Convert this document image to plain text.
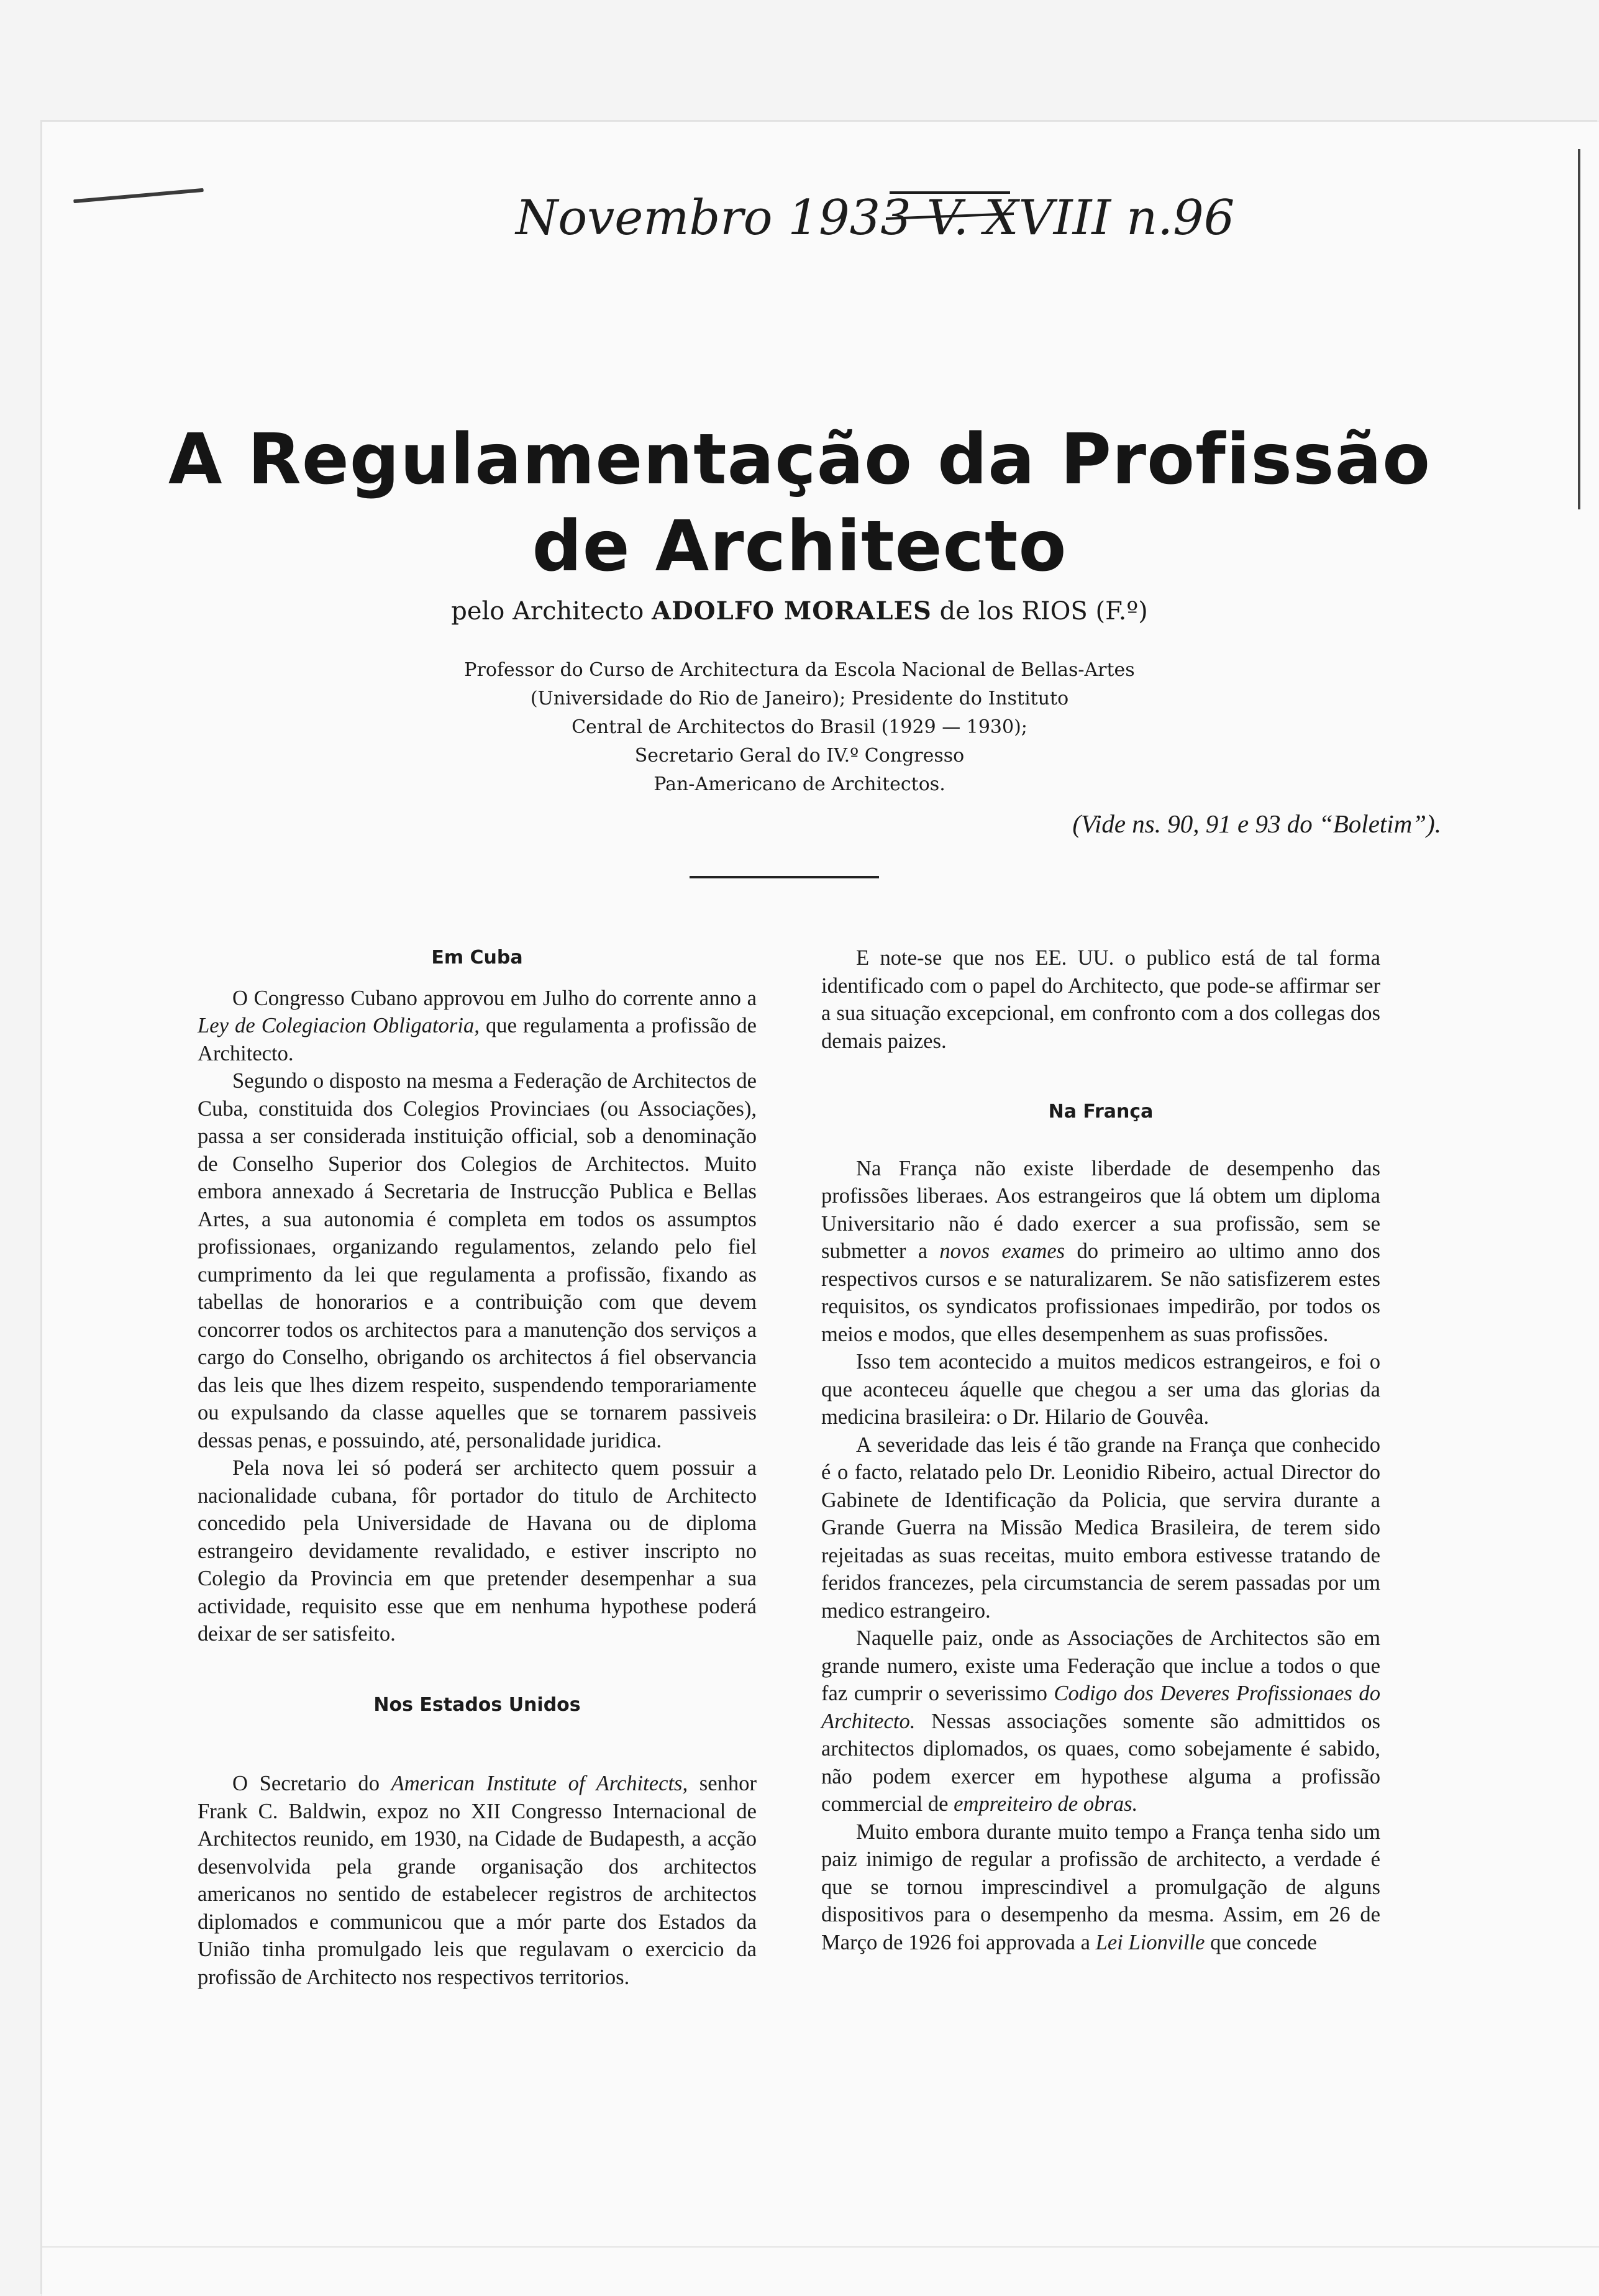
Novembro 1933 V. XVIII n.96
A Regulamentação da Profissão
de Architecto
pelo Architecto ADOLFO MORALES de los RIOS (F.º)
Professor do Curso de Architectura da Escola Nacional de Bellas-Artes
(Universidade do Rio de Janeiro); Presidente do Instituto
Central de Architectos do Brasil (1929 — 1930);
Secretario Geral do IV.º Congresso
Pan-Americano de Architectos.
(Vide ns. 90, 91 e 93 do “Boletim”).
Em Cuba

O Congresso Cubano approvou em Julho do corrente anno a Ley de Colegiacion Obligatoria, que regulamenta a profissão de Architecto.

Segundo o disposto na mesma a Federação de Architectos de Cuba, constituida dos Colegios Provinciaes (ou Associações), passa a ser considerada instituição official, sob a denominação de Conselho Superior dos Colegios de Architectos. Muito embora annexado á Secretaria de Instrucção Publica e Bellas Artes, a sua autonomia é completa em todos os assumptos profissionaes, organizando regulamentos, zelando pelo fiel cumprimento da lei que regulamenta a profissão, fixando as tabellas de honorarios e a contribuição com que devem concorrer todos os architectos para a manutenção dos serviços a cargo do Conselho, obrigando os architectos á fiel observancia das leis que lhes dizem respeito, suspendendo temporariamente ou expulsando da classe aquelles que se tornarem passiveis dessas penas, e possuindo, até, personalidade juridica.

Pela nova lei só poderá ser architecto quem possuir a nacionalidade cubana, fôr portador do titulo de Architecto concedido pela Universidade de Havana ou de diploma estrangeiro devidamente revalidado, e estiver inscripto no Colegio da Provincia em que pretender desempenhar a sua actividade, requisito esse que em nenhuma hypothese poderá deixar de ser satisfeito.

Nos Estados Unidos

O Secretario do American Institute of Architects, senhor Frank C. Baldwin, expoz no XII Congresso Internacional de Architectos reunido, em 1930, na Cidade de Budapesth, a acção desenvolvida pela grande organisação dos architectos americanos no sentido de estabelecer registros de architectos diplomados e communicou que a mór parte dos Estados da União tinha promulgado leis que regulavam o exercicio da profissão de Architecto nos respectivos territorios.

E note-se que nos EE. UU. o publico está de tal forma identificado com o papel do Architecto, que pode-se affirmar ser a sua situação excepcional, em confronto com a dos collegas dos demais paizes.

Na França

Na França não existe liberdade de desempenho das profissões liberaes. Aos estrangeiros que lá obtem um diploma Universitario não é dado exercer a sua profissão, sem se submetter a novos exames do primeiro ao ultimo anno dos respectivos cursos e se naturalizarem. Se não satisfizerem estes requisitos, os syndicatos profissionaes impedirão, por todos os meios e modos, que elles desempenhem as suas profissões.

Isso tem acontecido a muitos medicos estrangeiros, e foi o que aconteceu áquelle que chegou a ser uma das glorias da medicina brasileira: o Dr. Hilario de Gouvêa.

A severidade das leis é tão grande na França que conhecido é o facto, relatado pelo Dr. Leonidio Ribeiro, actual Director do Gabinete de Identificação da Policia, que servira durante a Grande Guerra na Missão Medica Brasileira, de terem sido rejeitadas as suas receitas, muito embora estivesse tratando de feridos francezes, pela circumstancia de serem passadas por um medico estrangeiro.

Naquelle paiz, onde as Associações de Architectos são em grande numero, existe uma Federação que inclue a todos o que faz cumprir o severissimo Codigo dos Deveres Profissionaes do Architecto. Nessas associações somente são admittidos os architectos diplomados, os quaes, como sobejamente é sabido, não podem exercer em hypothese alguma a profissão commercial de empreiteiro de obras.

Muito embora durante muito tempo a França tenha sido um paiz inimigo de regular a profissão de architecto, a verdade é que se tornou imprescindivel a promulgação de alguns dispositivos para o desempenho da mesma. Assim, em 26 de Março de 1926 foi approvada a Lei Lionville que concede
